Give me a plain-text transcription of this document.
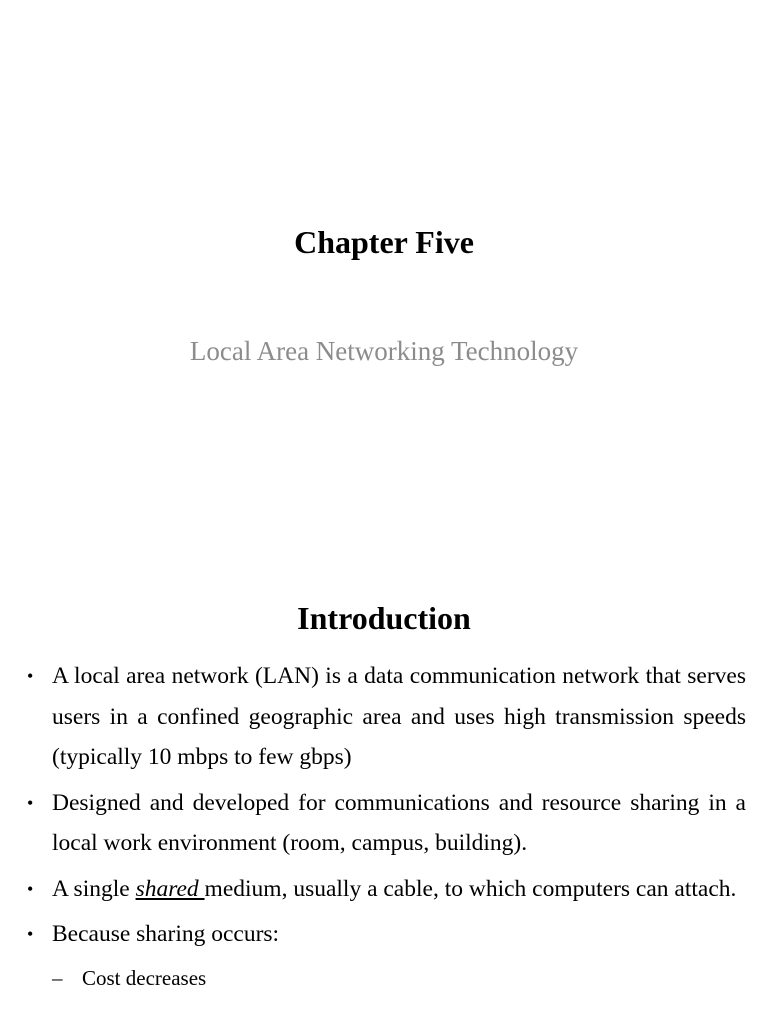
Chapter Five

Local Area Networking Technology

Introduction
• A local area network (LAN) is a data communication network that serves users in a confined geographic area and uses high transmission speeds (typically 10 mbps to few gbps)
• Designed and developed for communications and resource sharing in a local work environment (room, campus, building).
• A single shared medium, usually a cable, to which computers can attach.
• Because sharing occurs:
– Cost decreases
